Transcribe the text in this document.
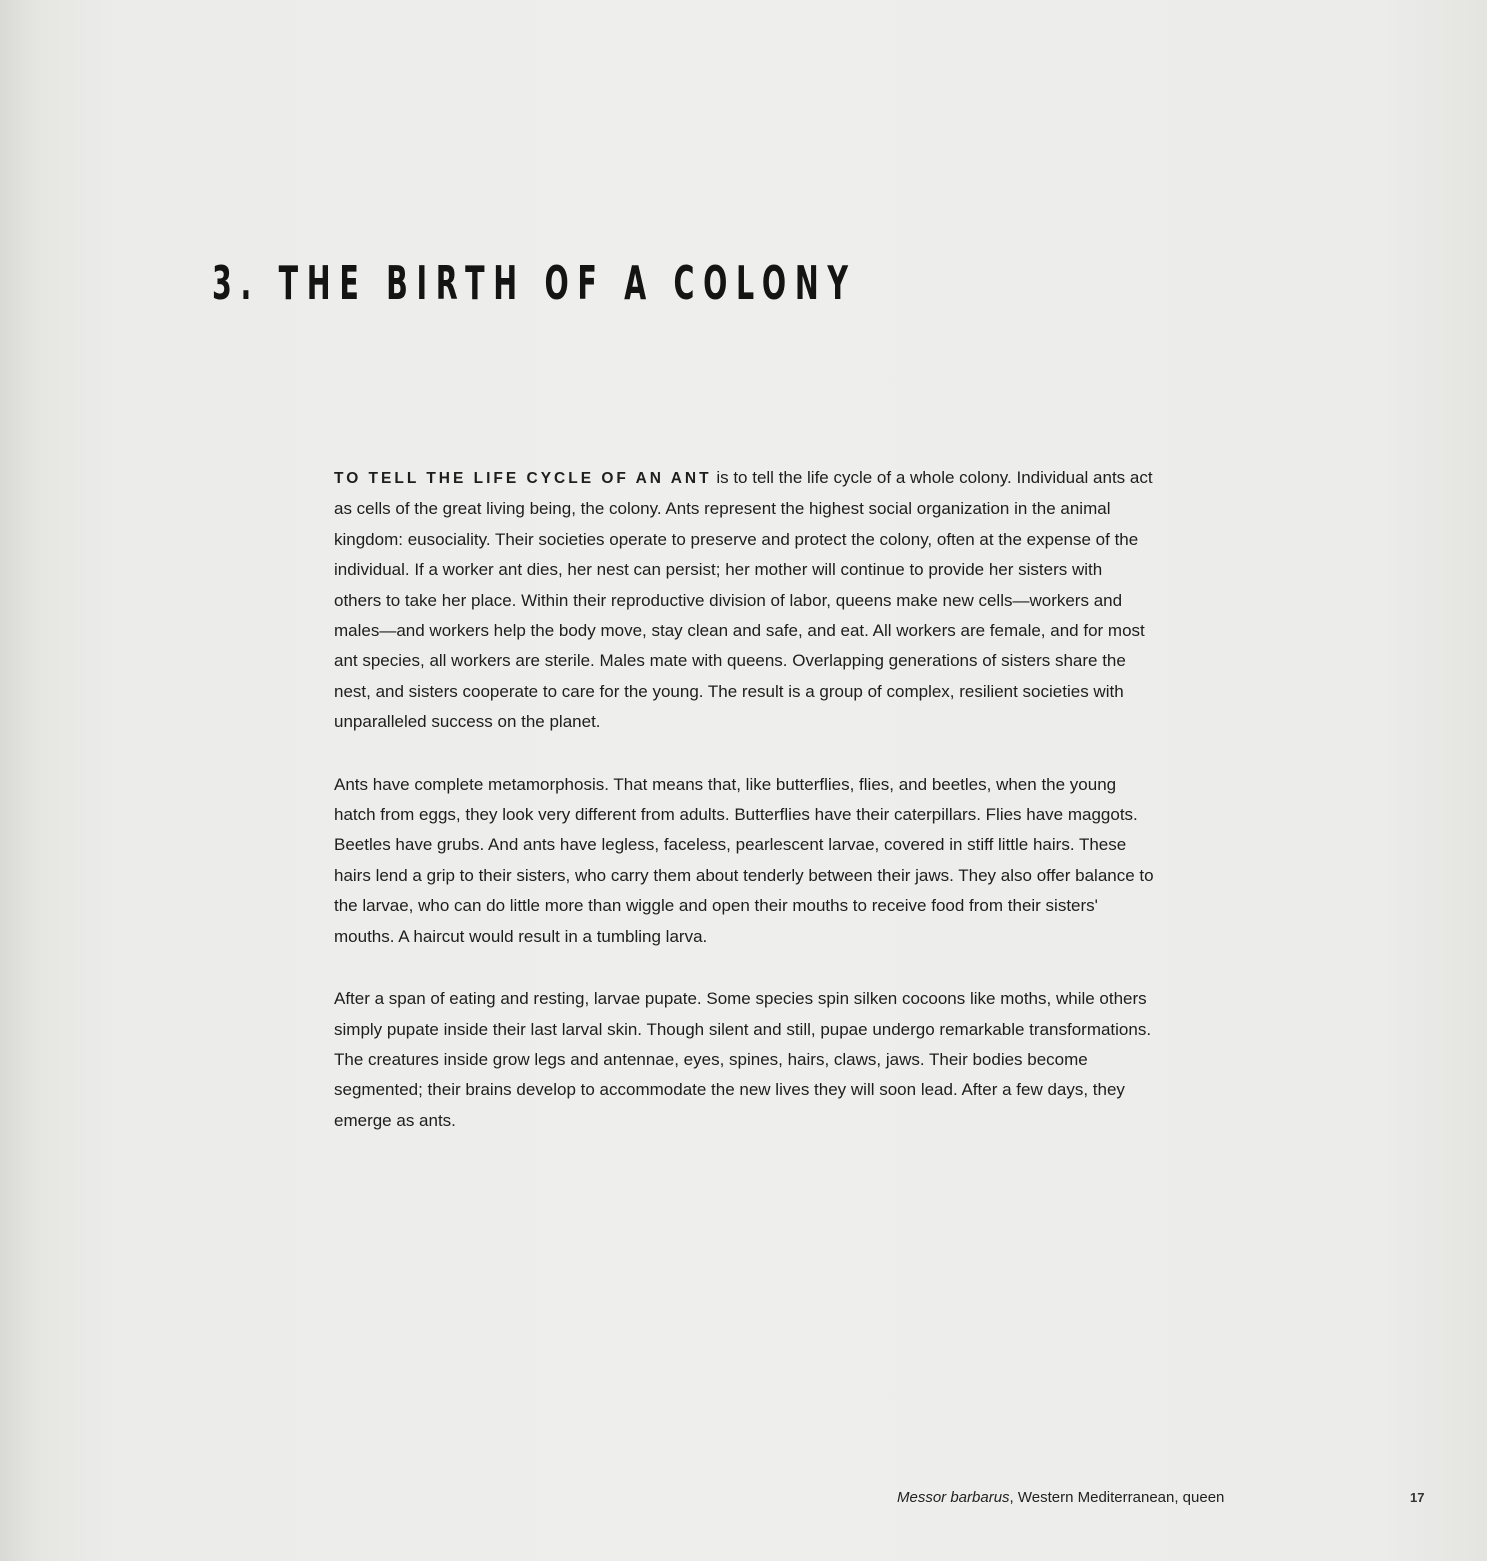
3. THE BIRTH OF A COLONY

TO TELL THE LIFE CYCLE OF AN ANT is to tell the life cycle of a whole colony. Individual ants act as cells of the great living being, the colony. Ants represent the highest social organization in the animal kingdom: eusociality. Their societies operate to preserve and protect the colony, often at the expense of the individual. If a worker ant dies, her nest can persist; her mother will continue to provide her sisters with others to take her place. Within their reproductive division of labor, queens make new cells—workers and males—and workers help the body move, stay clean and safe, and eat. All workers are female, and for most ant species, all workers are sterile. Males mate with queens. Overlapping generations of sisters share the nest, and sisters cooperate to care for the young. The result is a group of complex, resilient societies with unparalleled success on the planet.

Ants have complete metamorphosis. That means that, like butterflies, flies, and beetles, when the young hatch from eggs, they look very different from adults. Butterflies have their caterpillars. Flies have maggots. Beetles have grubs. And ants have legless, faceless, pearlescent larvae, covered in stiff little hairs. These hairs lend a grip to their sisters, who carry them about tenderly between their jaws. They also offer balance to the larvae, who can do little more than wiggle and open their mouths to receive food from their sisters' mouths. A haircut would result in a tumbling larva.

After a span of eating and resting, larvae pupate. Some species spin silken cocoons like moths, while others simply pupate inside their last larval skin. Though silent and still, pupae undergo remarkable transformations. The creatures inside grow legs and antennae, eyes, spines, hairs, claws, jaws. Their bodies become segmented; their brains develop to accommodate the new lives they will soon lead. After a few days, they emerge as ants.

Messor barbarus, Western Mediterranean, queen	17
